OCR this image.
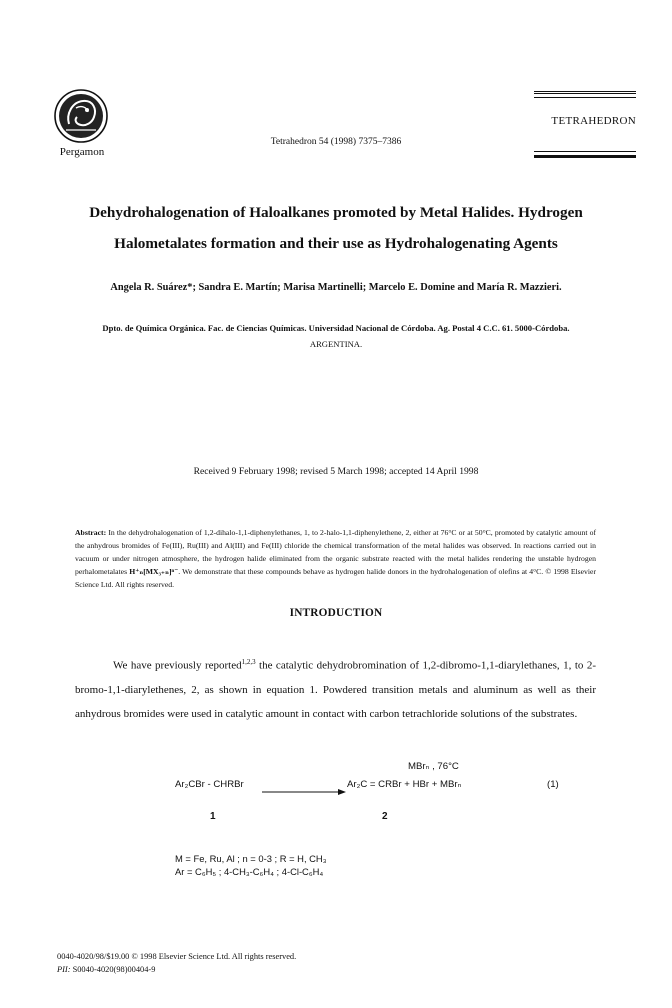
Pergamon
Tetrahedron 54 (1998) 7375–7386
TETRAHEDRON
Dehydrohalogenation of Haloalkanes promoted by Metal Halides. Hydrogen
Halometalates formation and their use as Hydrohalogenating Agents
Angela R. Suárez*; Sandra E. Martín; Marisa Martinelli; Marcelo E. Domine and María R. Mazzieri.
Dpto. de Química Orgánica. Fac. de Ciencias Químicas. Universidad Nacional de Córdoba. Ag. Postal 4 C.C. 61. 5000-Córdoba.
ARGENTINA.
Received 9 February 1998; revised 5 March 1998; accepted 14 April 1998
Abstract: In the dehydrohalogenation of 1,2-dihalo-1,1-diphenylethanes, 1, to 2-halo-1,1-diphenylethene, 2, either at 76°C or at 50°C, promoted by catalytic amount of the anhydrous bromides of Fe(III), Ru(III) and Al(III) and Fe(III) chloride the chemical transformation of the metal halides was observed. In reactions carried out in vacuum or under nitrogen atmosphere, the hydrogen halide eliminated from the organic substrate reacted with the metal halides rendering the unstable hydrogen perhalometalates H⁺ₙ[MX₃₊ₙ]ⁿ⁻. We demonstrate that these compounds behave as hydrogen halide donors in the hydrohalogenation of olefins at 4°C. © 1998 Elsevier Science Ltd. All rights reserved.
INTRODUCTION
We have previously reported$^{1,2,3}$ the catalytic dehydrobromination of 1,2-dibromo-1,1-diarylethanes, 1, to 2-bromo-1,1-diarylethenes, 2, as shown in equation 1. Powdered transition metals and aluminum as well as their anhydrous bromides were used in catalytic amount in contact with carbon tetrachloride solutions of the substrates.
MBrₙ , 76°C
Ar₂CBr - CHRBr	Ar₂C = CRBr + HBr + MBrₙ	(1)
1	2
M = Fe, Ru, Al ; n = 0-3 ; R = H, CH₃
Ar = C₆H₅ ; 4-CH₃-C₆H₄ ; 4-Cl-C₆H₄
0040-4020/98/$19.00 © 1998 Elsevier Science Ltd. All rights reserved.
PII: S0040-4020(98)00404-9
